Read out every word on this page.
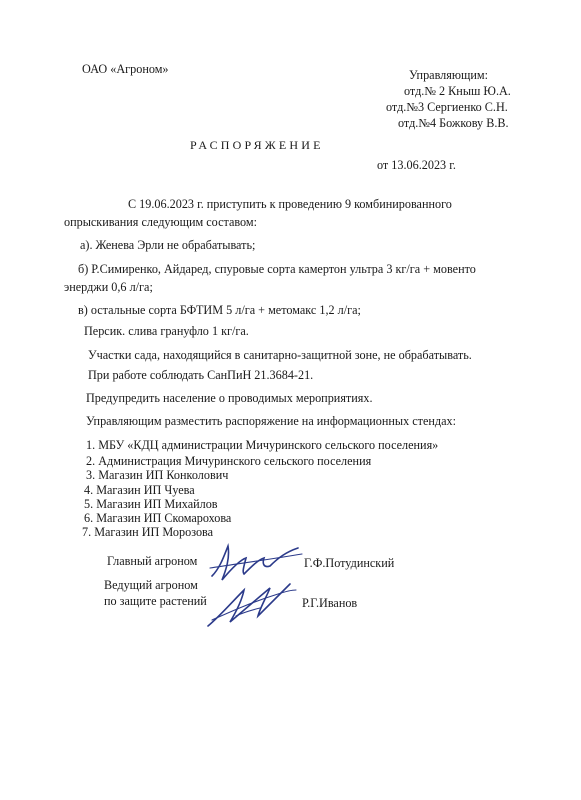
ОАО «Агроном»	Управляющим:
отд.№ 2 Кныш Ю.А.
отд.№3 Сергиенко С.Н.
отд.№4 Божкову В.В.
РАСПОРЯЖЕНИЕ
от 13.06.2023 г.
С 19.06.2023 г. приступить к проведению 9 комбинированного
опрыскивания следующим составом:
а). Женева Эрли не обрабатывать;
б) Р.Симиренко, Айдаред, спуровые сорта камертон ультра 3 кг/га + мовенто
энерджи 0,6 л/га;
в) остальные сорта БФТИМ 5 л/га + метомакс 1,2 л/га;
Персик. слива грануфло 1 кг/га.
Участки сада, находящийся в санитарно-защитной зоне, не обрабатывать.
При работе соблюдать СанПиН 21.3684-21.
Предупредить население о проводимых мероприятиях.
Управляющим разместить распоряжение на информационных стендах:
1. МБУ «КДЦ администрации Мичуринского сельского поселения»
2. Администрация Мичуринского сельского поселения
3. Магазин ИП Конколович
4. Магазин ИП Чуева
5. Магазин ИП Михайлов
6. Магазин ИП Скомарохова
7. Магазин ИП Морозова
Главный агроном	Г.Ф.Потудинский
Ведущий агроном
по защите растений	Р.Г.Иванов
